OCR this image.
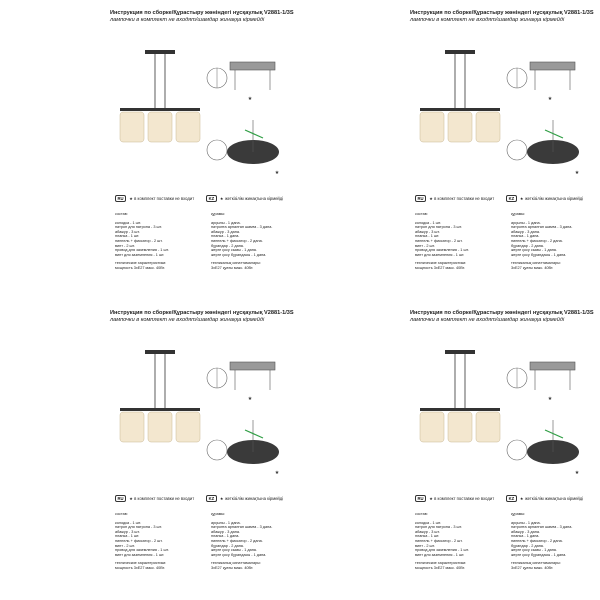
Инструкция по сборке/Құрастыру жөніндегі нұсқаулық V2881-1/3S
лампочки в комплект не входят/шамдар жинаққа кірмейді
★
★
RU ★ в комплект поставки не входит	KZ ★ жеткізілім жинақтына кірмейді
состав:
колодка - 1 шт.
патрон для патрона - 3 шт.
абажур - 3 шт.
планка - 1 шт.
ниппель + фиксатор - 2 шт.
винт - 2 шт.
провод для заземления - 1 шт.
винт для заземления - 1 шт.
технические характеристики:
мощность 3xE27 макс. 40Вт.
құрамы:
арқылы - 1 дана.
патронға арналған шамға - 3 дана.
абажур - 3 дана.
планка - 1 дана.
ниппель + фиксатор - 2 дана.
бұрандар - 2 дана.
жерге қосу сымы - 1 дана.
жерге қосу бұрандасы - 1 дана.
техникалық сипаттамалары:
3xE27 қуаты макс. 40Вт.
Инструкция по сборке/Құрастыру жөніндегі нұсқаулық V2881-1/3S
лампочки в комплект не входят/шамдар жинаққа кірмейді
★
★
RU ★ в комплект поставки не входит	KZ ★ жеткізілім жинақтына кірмейді
состав:
колодка - 1 шт.
патрон для патрона - 3 шт.
абажур - 3 шт.
планка - 1 шт.
ниппель + фиксатор - 2 шт.
винт - 2 шт.
провод для заземления - 1 шт.
винт для заземления - 1 шт.
технические характеристики:
мощность 3xE27 макс. 40Вт.
құрамы:
арқылы - 1 дана.
патронға арналған шамға - 3 дана.
абажур - 3 дана.
планка - 1 дана.
ниппель + фиксатор - 2 дана.
бұрандар - 2 дана.
жерге қосу сымы - 1 дана.
жерге қосу бұрандасы - 1 дана.
техникалық сипаттамалары:
3xE27 қуаты макс. 40Вт.
Инструкция по сборке/Құрастыру жөніндегі нұсқаулық V2881-1/3S
лампочки в комплект не входят/шамдар жинаққа кірмейді
★
★
RU ★ в комплект поставки не входит	KZ ★ жеткізілім жинақтына кірмейді
состав:
колодка - 1 шт.
патрон для патрона - 3 шт.
абажур - 3 шт.
планка - 1 шт.
ниппель + фиксатор - 2 шт.
винт - 2 шт.
провод для заземления - 1 шт.
винт для заземления - 1 шт.
технические характеристики:
мощность 3xE27 макс. 40Вт.
құрамы:
арқылы - 1 дана.
патронға арналған шамға - 3 дана.
абажур - 3 дана.
планка - 1 дана.
ниппель + фиксатор - 2 дана.
бұрандар - 2 дана.
жерге қосу сымы - 1 дана.
жерге қосу бұрандасы - 1 дана.
техникалық сипаттамалары:
3xE27 қуаты макс. 40Вт.
Инструкция по сборке/Құрастыру жөніндегі нұсқаулық V2881-1/3S
лампочки в комплект не входят/шамдар жинаққа кірмейді
★
★
RU ★ в комплект поставки не входит	KZ ★ жеткізілім жинақтына кірмейді
состав:
колодка - 1 шт.
патрон для патрона - 3 шт.
абажур - 3 шт.
планка - 1 шт.
ниппель + фиксатор - 2 шт.
винт - 2 шт.
провод для заземления - 1 шт.
винт для заземления - 1 шт.
технические характеристики:
мощность 3xE27 макс. 40Вт.
құрамы:
арқылы - 1 дана.
патронға арналған шамға - 3 дана.
абажур - 3 дана.
планка - 1 дана.
ниппель + фиксатор - 2 дана.
бұрандар - 2 дана.
жерге қосу сымы - 1 дана.
жерге қосу бұрандасы - 1 дана.
техникалық сипаттамалары:
3xE27 қуаты макс. 40Вт.
